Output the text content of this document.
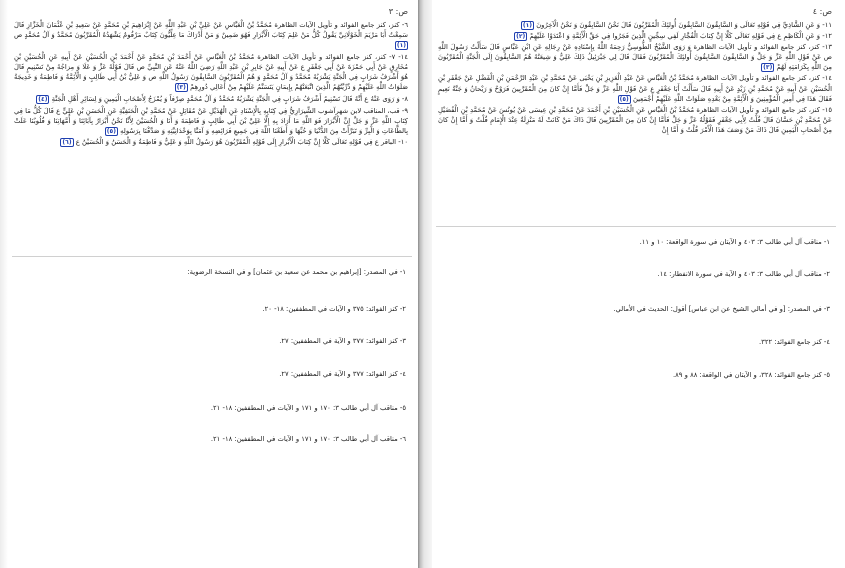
ص: ٣

٦- كنز، كنز جامع الفوائد و تأويل الآيات الظاهرة مُحَمَّدُ بْنُ الْعَبَّاسِ عَنْ عَلِيِّ بْنِ عَبْدِ اللَّهِ عَنْ إِبْرَاهِيمَ بْنِ مُحَمَّدٍ عَنْ سَعِيدِ بْنِ عُثْمَانَ الْخَزَّازِ قَالَ سَمِعْتُ أَبَا مَرْيَمَ الْخَوْلَانِيَّ يَقُولُ كُلُّ مَنْ عَلِمَ كِتَابَ الْأَبْرَارِ فَهُوَ ضَمِينٌ وَ مَنْ أَدْرَاكَ مَا عِلِّيُّونَ كِتَابٌ مَرْقُومٌ يَشْهَدُهُ الْمُقَرَّبُونَ مُحَمَّدٌ وَ آلُ مُحَمَّدٍ ص (١)

١٤- ٧- كنز، كنز جامع الفوائد و تأويل الآيات الظاهرة مُحَمَّدُ بْنُ الْعَبَّاسِ عَنْ أَحْمَدَ بْنِ مُحَمَّدٍ عَنْ أَحْمَدَ بْنِ الْحُسَيْنِ عَنْ أَبِيهِ عَنِ الْحُسَيْنِ بْنِ مُخَارِقٍ عَنْ أَبِي حَمْزَةَ عَنْ أَبِي جَعْفَرٍ ع عَنْ أَبِيهِ عَنْ جَابِرِ بْنِ عَبْدِ اللَّهِ رَضِيَ اللَّهُ عَنْهُ عَنِ النَّبِيِّ ص قَالَ قَوْلُهُ عَزَّ وَ عَلَا وَ مِزاجُهُ مِنْ تَسْنِيمٍ قَالَ هُوَ أَشْرَفُ شَرَابٍ فِي الْجَنَّةِ يَشْرَبُهُ مُحَمَّدٌ وَ آلُ مُحَمَّدٍ وَ هُمُ الْمُقَرَّبُونَ السَّابِقُونَ رَسُولُ اللَّهِ ص وَ عَلِيُّ بْنُ أَبِي طَالِبٍ وَ الْأَئِمَّةُ وَ فَاطِمَةُ وَ خَدِيجَةُ صَلَوَاتُ اللَّهِ عَلَيْهِمْ وَ ذُرِّيَّتُهُمُ الَّذِينَ اتَّبَعَتْهُمْ بِإِيمَانٍ يَتَسَنَّمُ عَلَيْهِمْ مِنْ أَعَالِي دُورِهِمْ (٣)

٨- وَ رَوَى عَنْهُ ع أَنَّهُ قَالَ تَسْنِيمٌ أَشْرَفُ شَرَابٍ فِي الْجَنَّةِ يَشْرَبُهُ مُحَمَّدٌ وَ آلُ مُحَمَّدٍ صِرْفاً وَ يُمْزَجُ لِأَصْحَابِ الْيَمِينِ وَ لِسَائِرِ أَهْلِ الْجَنَّةِ (٤)

٩- قب، المناقب لابن شهرآشوب الشِّيرَازِيُّ فِي كِتَابِهِ بِالْإِسْنَادِ عَنِ الْهُذَيْلِ عَنْ مُقَاتِلٍ عَنْ مُحَمَّدِ بْنِ الْحَنَفِيَّةِ عَنِ الْحَسَنِ بْنِ عَلِيٍّ ع قَالَ كُلُّ مَا فِي كِتَابِ اللَّهِ عَزَّ وَ جَلَّ إِنَّ الْأَبْرَارَ فَوَ اللَّهِ مَا أَرَادَ بِهِ إِلَّا عَلِيَّ بْنَ أَبِي طَالِبٍ وَ فَاطِمَةَ وَ أَنَا وَ الْحُسَيْنَ لِأَنَّا نَحْنُ أَبْرَارٌ بِآبَائِنَا وَ أُمَّهَاتِنَا وَ قُلُوبُنَا عَلَتْ بِالطَّاعَاتِ وَ الْبِرِّ وَ تَبَرَّأَتْ مِنَ الدُّنْيَا وَ حُبِّهَا وَ أَطَعْنَا اللَّهَ فِي جَمِيعِ فَرَائِضِهِ وَ آمَنَّا بِوَحْدَانِيَّتِهِ وَ صَدَّقْنَا بِرَسُولِهِ (٥)

١٠- الباقر ع فِي قَوْلِهِ تَعَالَى كَلَّا إِنَّ كِتابَ الْأَبْرارِ إِلَى قَوْلِهِ الْمُقَرَّبُونَ هُوَ رَسُولُ اللَّهِ وَ عَلِيٌّ وَ فَاطِمَةُ وَ الْحَسَنُ وَ الْحُسَيْنُ ع (٦)

١- في المصدر: [إبراهيم بن محمد عن سعيد بن عثمان] و في النسخة الرضوية:
٢- كنز الفوائد: ٣٧٥ و الآيات في المطففين: ١٨- ٢٠.
٣- كنز الفوائد: ٣٧٧ و الآية في المطففين: ٢٧.
٤- كنز الفوائد: ٣٧٧ و الآية في المطففين: ٢٧.
٥- مناقب آل أبي طالب ٣: ١٧٠ و ١٧١ و الآيات في المطففين: ١٨- ٢١.
٦- مناقب آل أبي طالب ٣: ١٧٠ و ١٧١ و الآيات في المطففين: ١٨- ٢١.
ص: ٤

١١- وَ عَنِ الشَّاذِيِّ فِي قَوْلِهِ تَعَالَى وَ السَّابِقُونَ السَّابِقُونَ أُولئِكَ الْمُقَرَّبُونَ قَالَ نَحْنُ السَّابِقُونَ وَ نَحْنُ الْآخِرُونَ (١)

١٢- وَ عَنِ الْكَاظِمِ ع فِي قَوْلِهِ تَعَالَى كَلَّا إِنَّ كِتابَ الْفُجَّارِ لَفِي سِجِّينٍ الَّذِينَ فَجَرُوا فِي حَقِّ الْأَئِمَّةِ وَ اعْتَدَوْا عَلَيْهِمْ (٢)

١٣- كنز، كنز جامع الفوائد و تأويل الآيات الظاهرة وَ رَوَى الشَّيْخُ الطُّوسِيُّ رَحِمَهُ اللَّهُ بِإِسْنَادِهِ عَنْ رِجَالِهِ عَنِ ابْنِ عَبَّاسٍ قَالَ سَأَلْتُ رَسُولَ اللَّهِ ص عَنْ قَوْلِ اللَّهِ عَزَّ وَ جَلَّ وَ السَّابِقُونَ السَّابِقُونَ أُولئِكَ الْمُقَرَّبُونَ فَقَالَ قَالَ لِي جَبْرَئِيلُ ذَلِكَ عَلِيٌّ وَ شِيعَتُهُ هُمُ السَّابِقُونَ إِلَى الْجَنَّةِ الْمُقَرَّبُونَ مِنَ اللَّهِ بِكَرَامَتِهِ لَهُمْ (٣)

١٤- كنز، كنز جامع الفوائد و تأويل الآيات الظاهرة مُحَمَّدُ بْنُ الْعَبَّاسِ عَنْ عَبْدِ الْعَزِيزِ بْنِ يَحْيَى عَنْ مُحَمَّدِ بْنِ عَبْدِ الرَّحْمَنِ بْنِ الْفَضْلِ عَنْ جَعْفَرِ بْنِ الْحُسَيْنِ عَنْ أَبِيهِ عَنْ مُحَمَّدِ بْنِ زَيْدٍ عَنْ أَبِيهِ قَالَ سَأَلْتُ أَبَا جَعْفَرٍ ع عَنْ قَوْلِ اللَّهِ عَزَّ وَ جَلَّ فَأَمَّا إِنْ كانَ مِنَ الْمُقَرَّبِينَ فَرَوْحٌ وَ رَيْحانٌ وَ جَنَّةُ نَعِيمٍ فَقَالَ هَذَا فِي أَمِيرِ الْمُؤْمِنِينَ وَ الْأَئِمَّةِ مِنْ بَعْدِهِ صَلَوَاتُ اللَّهِ عَلَيْهِمْ أَجْمَعِينَ (٥)

١٥- كنز، كنز جامع الفوائد و تأويل الآيات الظاهرة مُحَمَّدُ بْنُ الْعَبَّاسِ عَنِ الْحُسَيْنِ بْنِ أَحْمَدَ عَنْ مُحَمَّدِ بْنِ عِيسَى عَنْ يُونُسَ عَنْ مُحَمَّدِ بْنِ الْفُضَيْلِ عَنْ مُحَمَّدِ بْنِ حَسَّانَ قَالَ قُلْتُ لِأَبِي جَعْفَرٍ فَقَوْلُهُ عَزَّ وَ جَلَّ فَأَمَّا إِنْ كانَ مِنَ الْمُقَرَّبِينَ قَالَ ذَاكَ مَنْ كَانَتْ لَهُ مَنْزِلَةٌ عِنْدَ الْإِمَامِ قُلْتُ وَ أَمَّا إِنْ كانَ مِنْ أَصْحابِ الْيَمِينِ قَالَ ذَاكَ مَنْ وَصَفَ هَذَا الْأَمْرَ قُلْتُ وَ أَمَّا إِنْ

١- مناقب آل أبي طالب ٣: ٤٠٣ و الآيتان في سورة الواقعة: ١٠ و ١١.
٢- مناقب آل أبي طالب ٣: ٤٠٣ و الآية في سورة الانفطار: ١٤.
٣- في المصدر: [و في أمالي الشيخ عن ابن عباس] أقول: الحديث في الأمالي.
٤- كنز جامع الفوائد: ٣٢٢.
٥- كنز جامع الفوائد: ٣٢٨، و الآيتان في الواقعة: ٨٨ و ٨٩.
